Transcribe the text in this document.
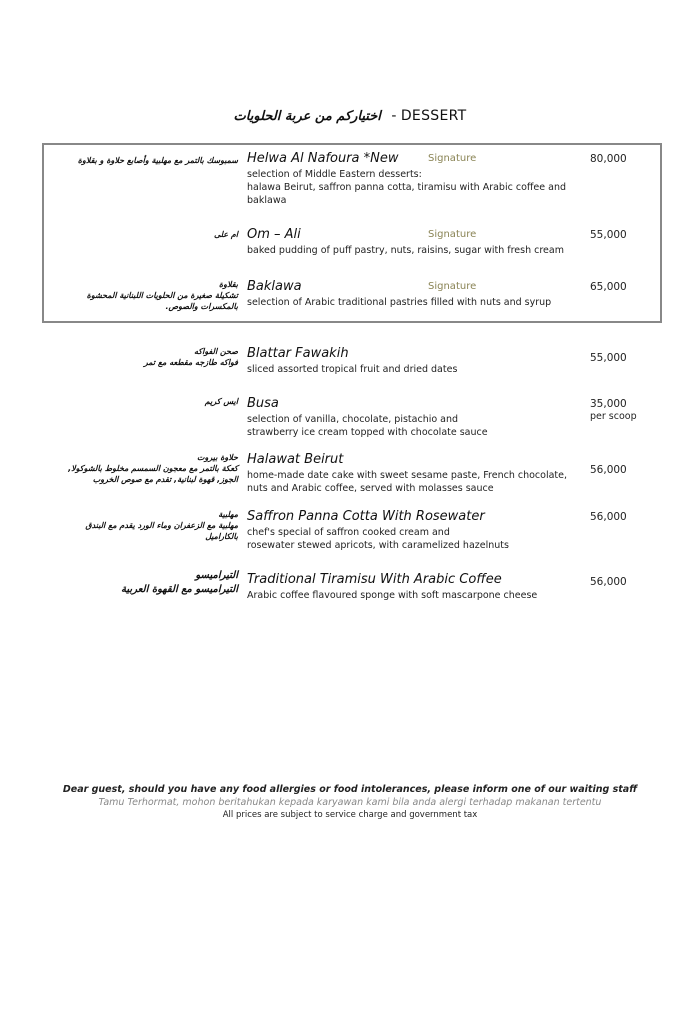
اختياركم من عربة الحلويات - DESSERT
سمبوسك بالتمر مع مهلبية وأصابع حلاوة و بقلاوة Helwa Al Nafoura *New	Signature
selection of Middle Eastern desserts:
halawa Beirut, saffron panna cotta, tiramisu with Arabic coffee and
baklawa
80,000
ام على Om – Ali	Signature
baked pudding of puff pastry, nuts, raisins, sugar with fresh cream
55,000
بقلاوة
تشكيلة صغيرة من الحلويات اللبنانية المحشوة
بالمكسرات والصوص.
Baklawa	Signature
selection of Arabic traditional pastries filled with nuts and syrup
65,000
صحن الفواكه
فواكه طازجه مقطعه مع تمر
Blattar Fawakih
sliced assorted tropical fruit and dried dates
55,000
ايس كريم Busa
selection of vanilla, chocolate, pistachio and
strawberry ice cream topped with chocolate sauce
35,000
per scoop
حلاوة بيروت
كعكة بالتمر مع معجون السمسم مخلوط بالشوكولا,
الجوز, قهوة لبنانية, تقدم مع صوص الخروب
Halawat Beirut
home-made date cake with sweet sesame paste, French chocolate,
nuts and Arabic coffee, served with molasses sauce
56,000
مهلبية
مهلبية مع الزعفران وماء الورد يقدم مع البندق
بالكاراميل
Saffron Panna Cotta With Rosewater
chef's special of saffron cooked cream and
rosewater stewed apricots, with caramelized hazelnuts
56,000
التيراميسو
التيراميسو مع القهوة العربية
Traditional Tiramisu With Arabic Coffee
Arabic coffee flavoured sponge with soft mascarpone cheese
56,000
Dear guest, should you have any food allergies or food intolerances, please inform one of our waiting staff
Tamu Terhormat, mohon beritahukan kepada karyawan kami bila anda alergi terhadap makanan tertentu
All prices are subject to service charge and government tax
